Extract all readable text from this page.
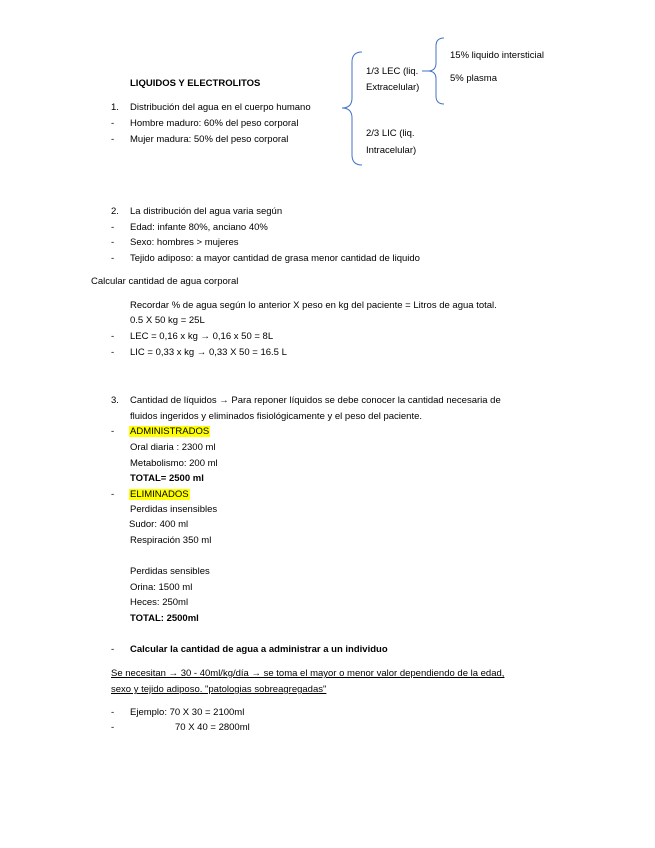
LIQUIDOS Y ELECTROLITOS
1. Distribución del agua en el cuerpo humano
- Hombre maduro: 60% del peso corporal
- Mujer madura: 50% del peso corporal
1/3 LEC (liq.
Extracelular)
2/3 LIC (liq.
Intracelular)
15% liquido intersticial
5% plasma
2. La distribución del agua varia según
- Edad: infante 80%, anciano 40%
- Sexo: hombres > mujeres
- Tejido adiposo: a mayor cantidad de grasa menor cantidad de liquido
Calcular cantidad de agua corporal
Recordar % de agua según lo anterior X peso en kg del paciente = Litros de agua total.
0.5 X 50 kg = 25L
- LEC = 0,16 x kg → 0,16 x 50 = 8L
- LIC = 0,33 x kg → 0,33 X 50 = 16.5 L
3. Cantidad de líquidos → Para reponer líquidos se debe conocer la cantidad necesaria de
fluidos ingeridos y eliminados fisiológicamente y el peso del paciente.
- ADMINISTRADOS
Oral diaria : 2300 ml
Metabolismo: 200 ml
TOTAL= 2500 ml
- ELIMINADOS
Perdidas insensibles
Sudor: 400 ml
Respiración 350 ml
Perdidas sensibles
Orina: 1500 ml
Heces: 250ml
TOTAL: 2500ml
- Calcular la cantidad de agua a administrar a un individuo
Se necesitan → 30 - 40ml/kg/día → se toma el mayor o menor valor dependiendo de la edad,
sexo y tejido adiposo. "patologias sobreagregadas"
- Ejemplo: 70 X 30 = 2100ml
-	70 X 40 = 2800ml
